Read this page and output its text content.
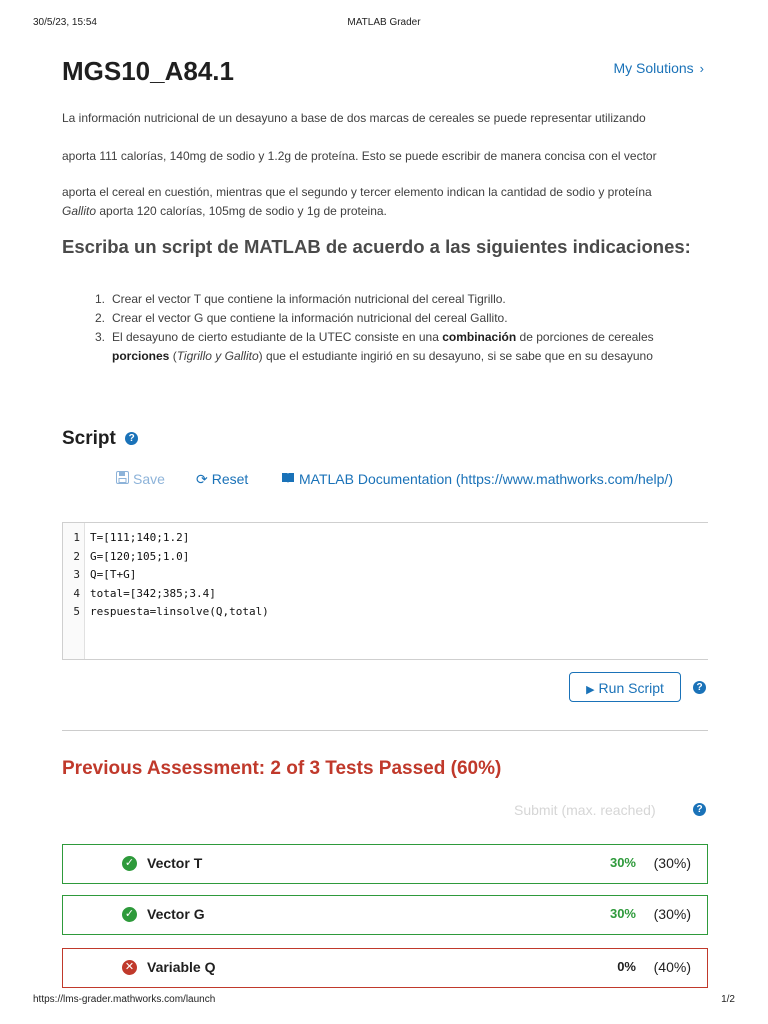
30/5/23, 15:54	MATLAB Grader
MGS10_A84.1	My Solutions ›
La información nutricional de un desayuno a base de dos marcas de cereales se puede representar utilizando
aporta 111 calorías, 140mg de sodio y 1.2g de proteína. Esto se puede escribir de manera concisa con el vector
aporta el cereal en cuestión, mientras que el segundo y tercer elemento indican la cantidad de sodio y proteína
Gallito aporta 120 calorías, 105mg de sodio y 1g de proteina.
Escriba un script de MATLAB de acuerdo a las siguientes indicaciones:
1. Crear el vector T que contiene la información nutricional del cereal Tigrillo.
2. Crear el vector G que contiene la información nutricional del cereal Gallito.
3. El desayuno de cierto estudiante de la UTEC consiste en una combinación de porciones de cereales
porciones (Tigrillo y Gallito) que el estudiante ingirió en su desayuno, si se sabe que en su desayuno
Script ?
Save ⟳ Reset	MATLAB Documentation (https://www.mathworks.com/help/)
1 T=[111;140;1.2]
2 G=[120;105;1.0]
3 Q=[T+G]
4 total=[342;385;3.4]
5 respuesta=linsolve(Q,total)
▶ Run Script	?
Previous Assessment: 2 of 3 Tests Passed (60%)
Submit (max. reached)	?
✓ Vector T	30% (30%)
✓ Vector G	30% (30%)
✕ Variable Q	0% (40%)
https://lms-grader.mathworks.com/launch	1/2
